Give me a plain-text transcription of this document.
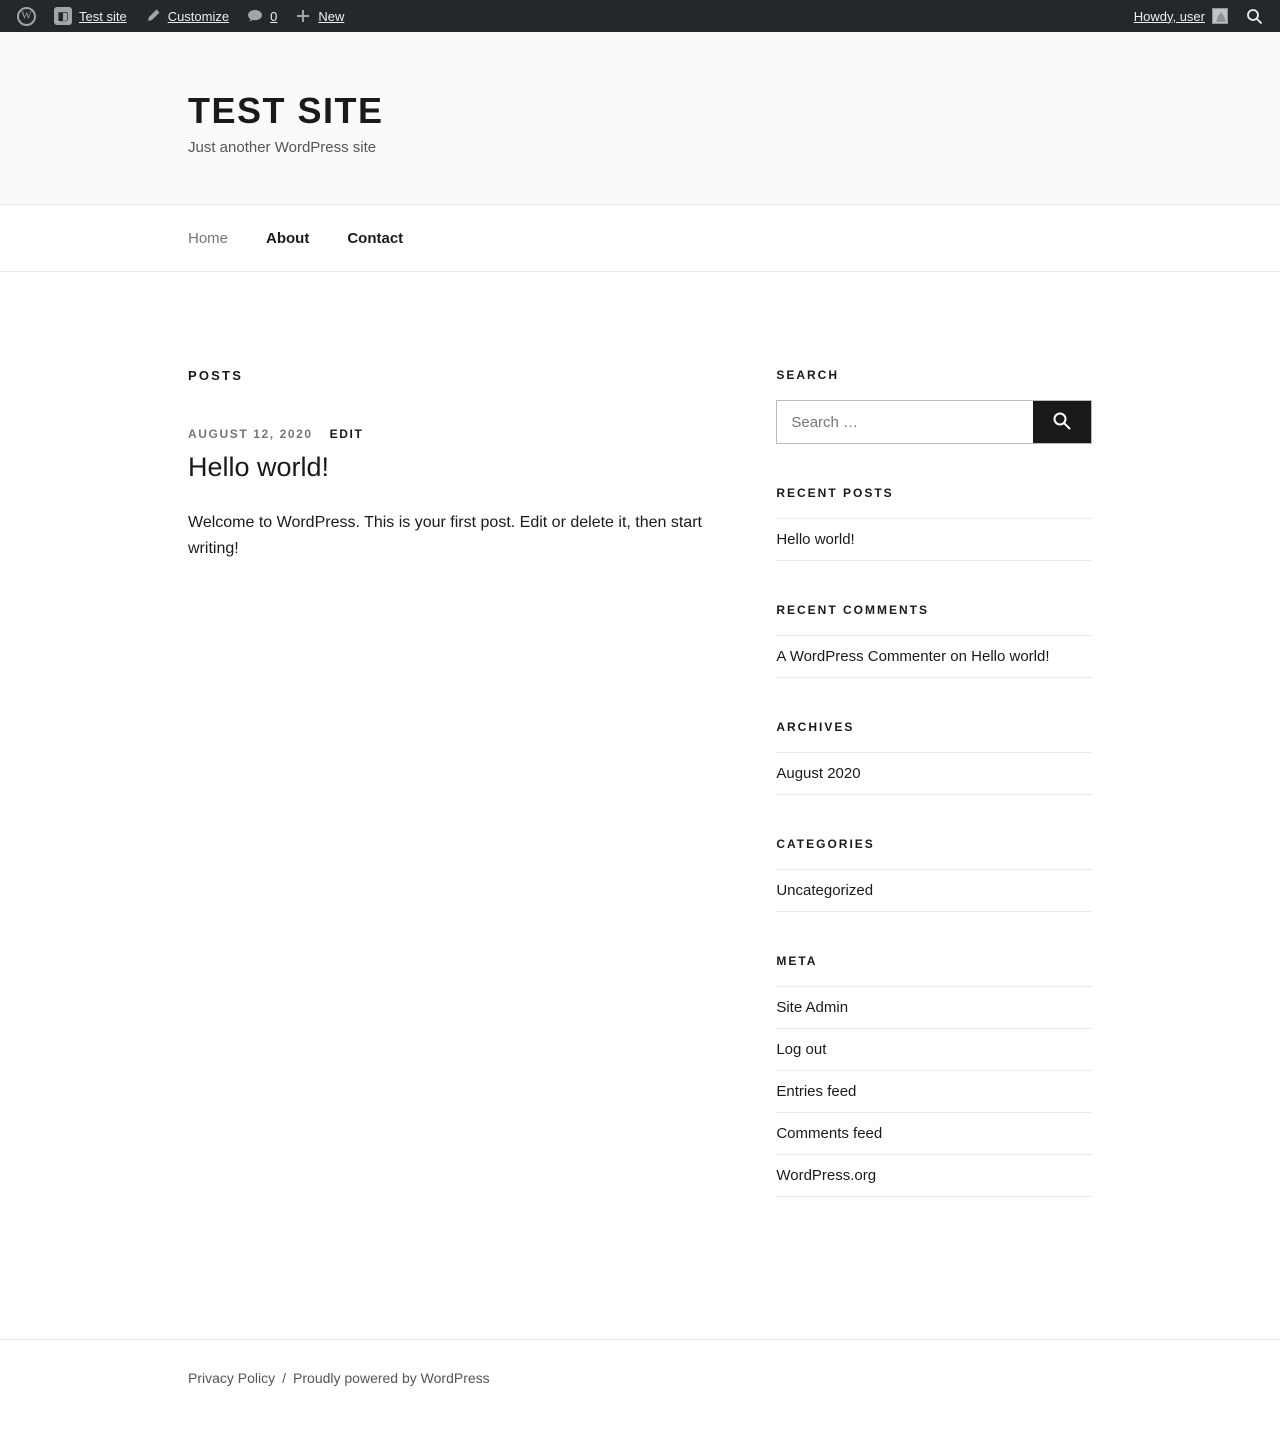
W
◧ Test site	Customize	0	New	Howdy, user
TEST SITE

Just another WordPress site

Home	About	Contact
POSTS
AUGUST 12, 2020 EDIT
Hello world!

Welcome to WordPress. This is your first post. Edit or delete it, then start writing!

SEARCH
Search …
RECENT POSTS
Hello world!
RECENT COMMENTS
A WordPress Commenter on Hello world!
ARCHIVES
August 2020
CATEGORIES
Uncategorized
META
Site Admin
Log out
Entries feed
Comments feed
WordPress.org
Privacy Policy / Proudly powered by WordPress
